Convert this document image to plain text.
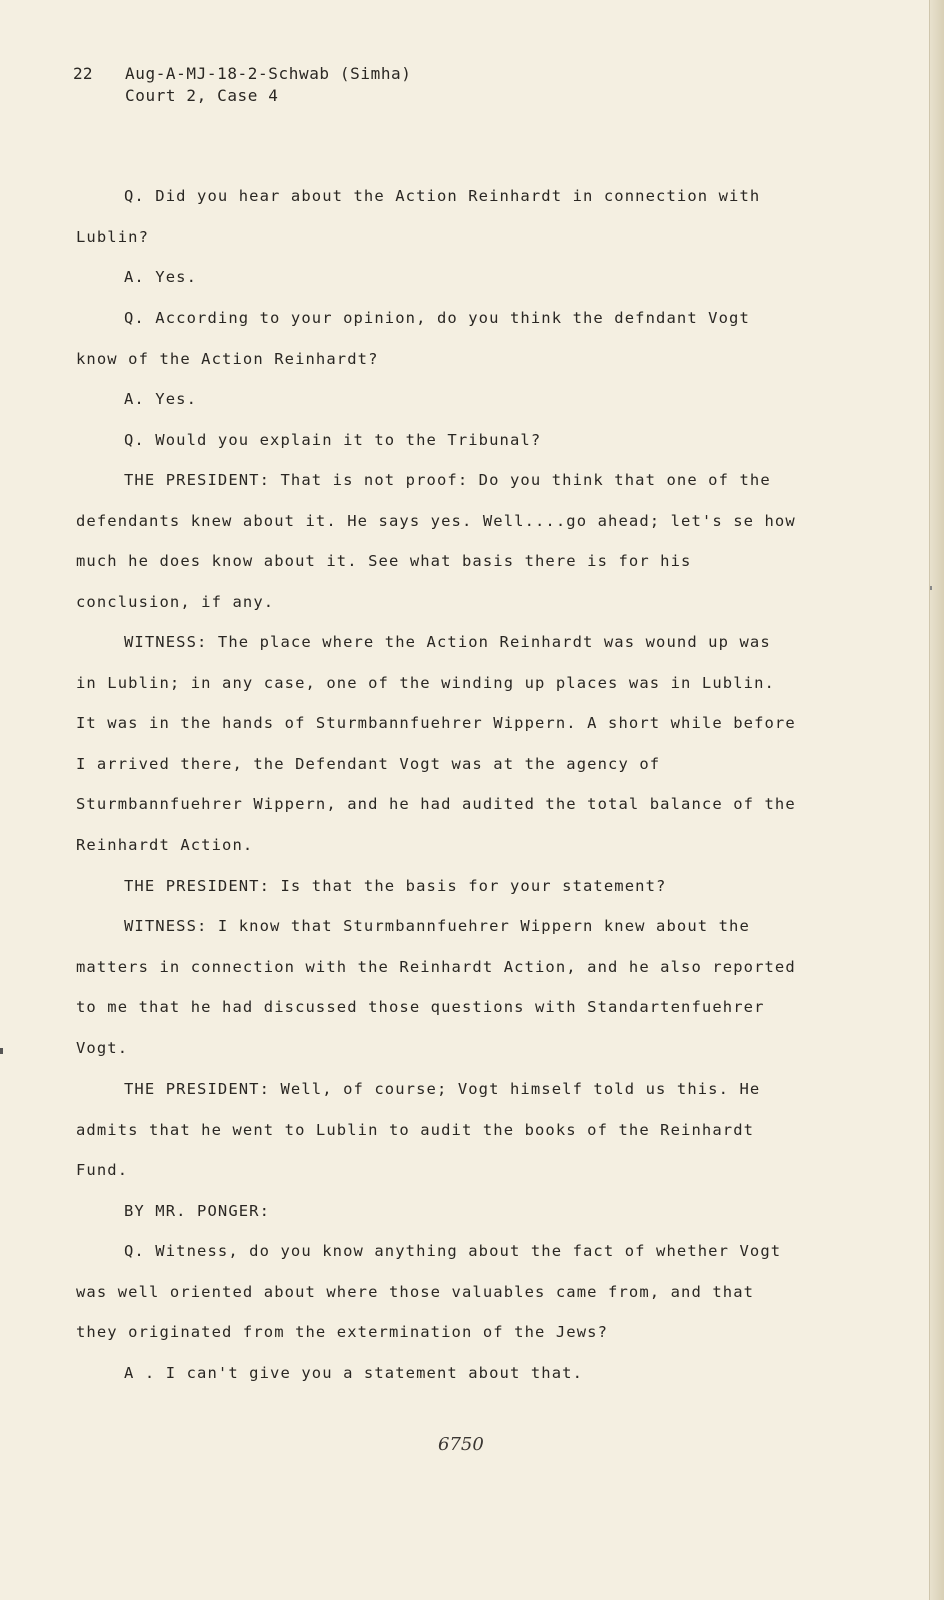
22 Aug-A-MJ-18-2-Schwab (Simha)
Court 2, Case 4

Q. Did you hear about the Action Reinhardt in connection with Lublin?

A. Yes.

Q. According to your opinion, do you think the defndant Vogt know of the Action Reinhardt?

A. Yes.

Q. Would you explain it to the Tribunal?

THE PRESIDENT: That is not proof: Do you think that one of the defendants knew about it. He says yes. Well....go ahead; let's se how much he does know about it. See what basis there is for his conclusion, if any.

WITNESS: The place where the Action Reinhardt was wound up was in Lublin; in any case, one of the winding up places was in Lublin. It was in the hands of Sturmbannfuehrer Wippern. A short while before I arrived there, the Defendant Vogt was at the agency of Sturmbannfuehrer Wippern, and he had audited the total balance of the Reinhardt Action.

THE PRESIDENT: Is that the basis for your statement?

WITNESS: I know that Sturmbannfuehrer Wippern knew about the matters in connection with the Reinhardt Action, and he also reported to me that he had discussed those questions with Standartenfuehrer Vogt.

THE PRESIDENT: Well, of course; Vogt himself told us this. He admits that he went to Lublin to audit the books of the Reinhardt Fund.

BY MR. PONGER:

Q. Witness, do you know anything about the fact of whether Vogt was well oriented about where those valuables came from, and that they originated from the extermination of the Jews?

A . I can't give you a statement about that.

6750
